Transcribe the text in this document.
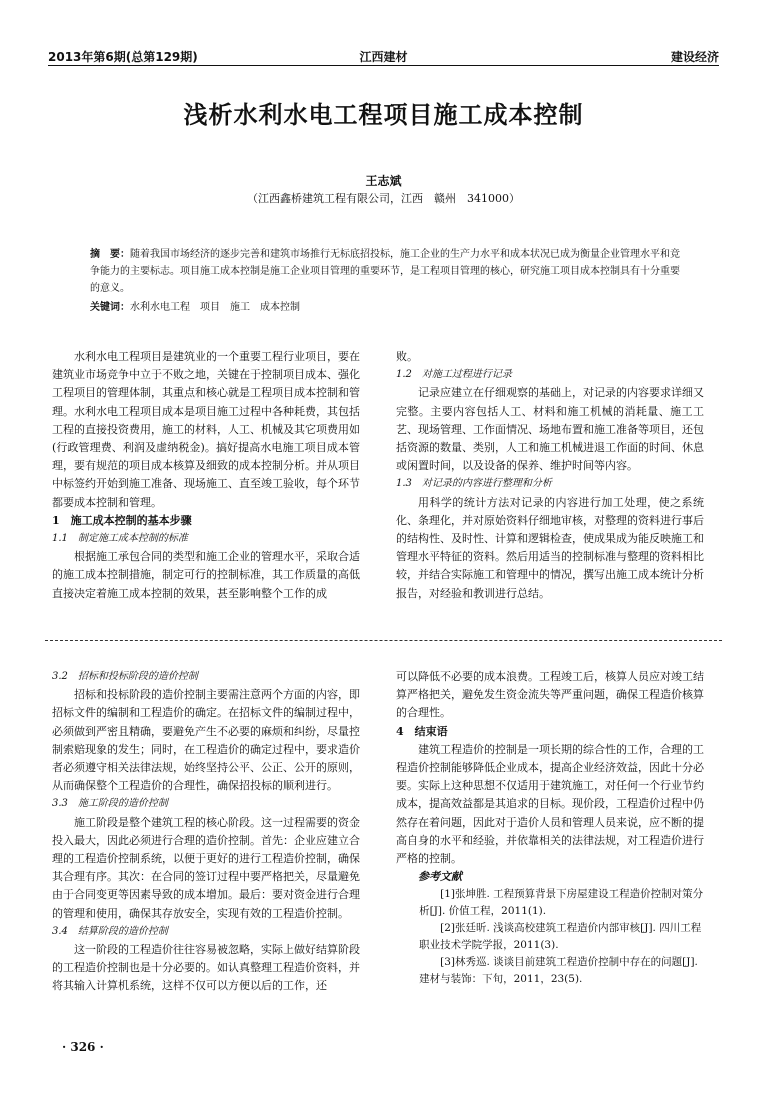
2013年第6期(总第129期)	江西建材	建设经济
浅析水利水电工程项目施工成本控制
王志斌
（江西鑫桥建筑工程有限公司，江西　赣州　341000）
摘　要：随着我国市场经济的逐步完善和建筑市场推行无标底招投标，施工企业的生产力水平和成本状况已成为衡量企业管理水平和竞争能力的主要标志。项目施工成本控制是施工企业项目管理的重要环节，是工程项目管理的核心，研究施工项目成本控制具有十分重要的意义。
关键词：水利水电工程　项目　施工　成本控制

水利水电工程项目是建筑业的一个重要工程行业项目，要在建筑业市场竞争中立于不败之地，关键在于控制项目成本、强化工程项目的管理体制，其重点和核心就是工程项目成本控制和管理。水利水电工程项目成本是项目施工过程中各种耗费，其包括工程的直接投资费用，施工的材料，人工、机械及其它项费用如(行政管理费、利润及虚纳税金)。搞好提高水电施工项目成本管理，要有规范的项目成本核算及细致的成本控制分析。并从项目中标签约开始到施工准备、现场施工、直至竣工验收，每个环节都要成本控制和管理。

1　施工成本控制的基本步骤

1.1　制定施工成本控制的标准

根据施工承包合同的类型和施工企业的管理水平，采取合适的施工成本控制措施，制定可行的控制标准，其工作质量的高低直接决定着施工成本控制的效果，甚至影响整个工作的成

败。

1.2　对施工过程进行记录

记录应建立在仔细观察的基础上，对记录的内容要求详细又完整。主要内容包括人工、材料和施工机械的消耗量、施工工艺、现场管理、工作面情况、场地布置和施工准备等项目，还包括资源的数量、类别，人工和施工机械进退工作面的时间、休息或闲置时间，以及设备的保养、维护时间等内容。

1.3　对记录的内容进行整理和分析

用科学的统计方法对记录的内容进行加工处理，使之系统化、条理化，并对原始资料仔细地审核，对整理的资料进行事后的结构性、及时性、计算和逻辑检查，使成果成为能反映施工和管理水平特征的资料。然后用适当的控制标准与整理的资料相比较，并结合实际施工和管理中的情况，撰写出施工成本统计分析报告，对经验和教训进行总结。

3.2　招标和投标阶段的造价控制

招标和投标阶段的造价控制主要需注意两个方面的内容，即招标文件的编制和工程造价的确定。在招标文件的编制过程中，必须做到严密且精确，要避免产生不必要的麻烦和纠纷，尽量控制索赔现象的发生；同时，在工程造价的确定过程中，要求造价者必须遵守相关法律法规，始终坚持公平、公正、公开的原则，从而确保整个工程造价的合理性，确保招投标的顺利进行。

3.3　施工阶段的造价控制

施工阶段是整个建筑工程的核心阶段。这一过程需要的资金投入最大，因此必须进行合理的造价控制。首先：企业应建立合理的工程造价控制系统，以便于更好的进行工程造价控制，确保其合理有序。其次：在合同的签订过程中要严格把关，尽量避免由于合同变更等因素导致的成本增加。最后：要对资金进行合理的管理和使用，确保其存放安全，实现有效的工程造价控制。

3.4　结算阶段的造价控制

这一阶段的工程造价往往容易被忽略，实际上做好结算阶段的工程造价控制也是十分必要的。如认真整理工程造价资料，并将其输入计算机系统，这样不仅可以方便以后的工作，还

可以降低不必要的成本浪费。工程竣工后，核算人员应对竣工结算严格把关，避免发生资金流失等严重问题，确保工程造价核算的合理性。

4　结束语

建筑工程造价的控制是一项长期的综合性的工作，合理的工程造价控制能够降低企业成本，提高企业经济效益，因此十分必要。实际上这种思想不仅适用于建筑施工，对任何一个行业节约成本，提高效益都是其追求的目标。现价段，工程造价过程中仍然存在着问题，因此对于造价人员和管理人员来说，应不断的提高自身的水平和经验，并依靠相关的法律法规，对工程造价进行严格的控制。

参考文献

[1]张坤胜. 工程预算背景下房屋建设工程造价控制对策分析[J]. 价值工程，2011(1).

[2]张廷昕. 浅谈高校建筑工程造价内部审核[J]. 四川工程职业技术学院学报，2011(3).

[3]林秀巡. 谈谈目前建筑工程造价控制中存在的问题[J]. 建材与装饰：下旬，2011，23(5).

· 326 ·
